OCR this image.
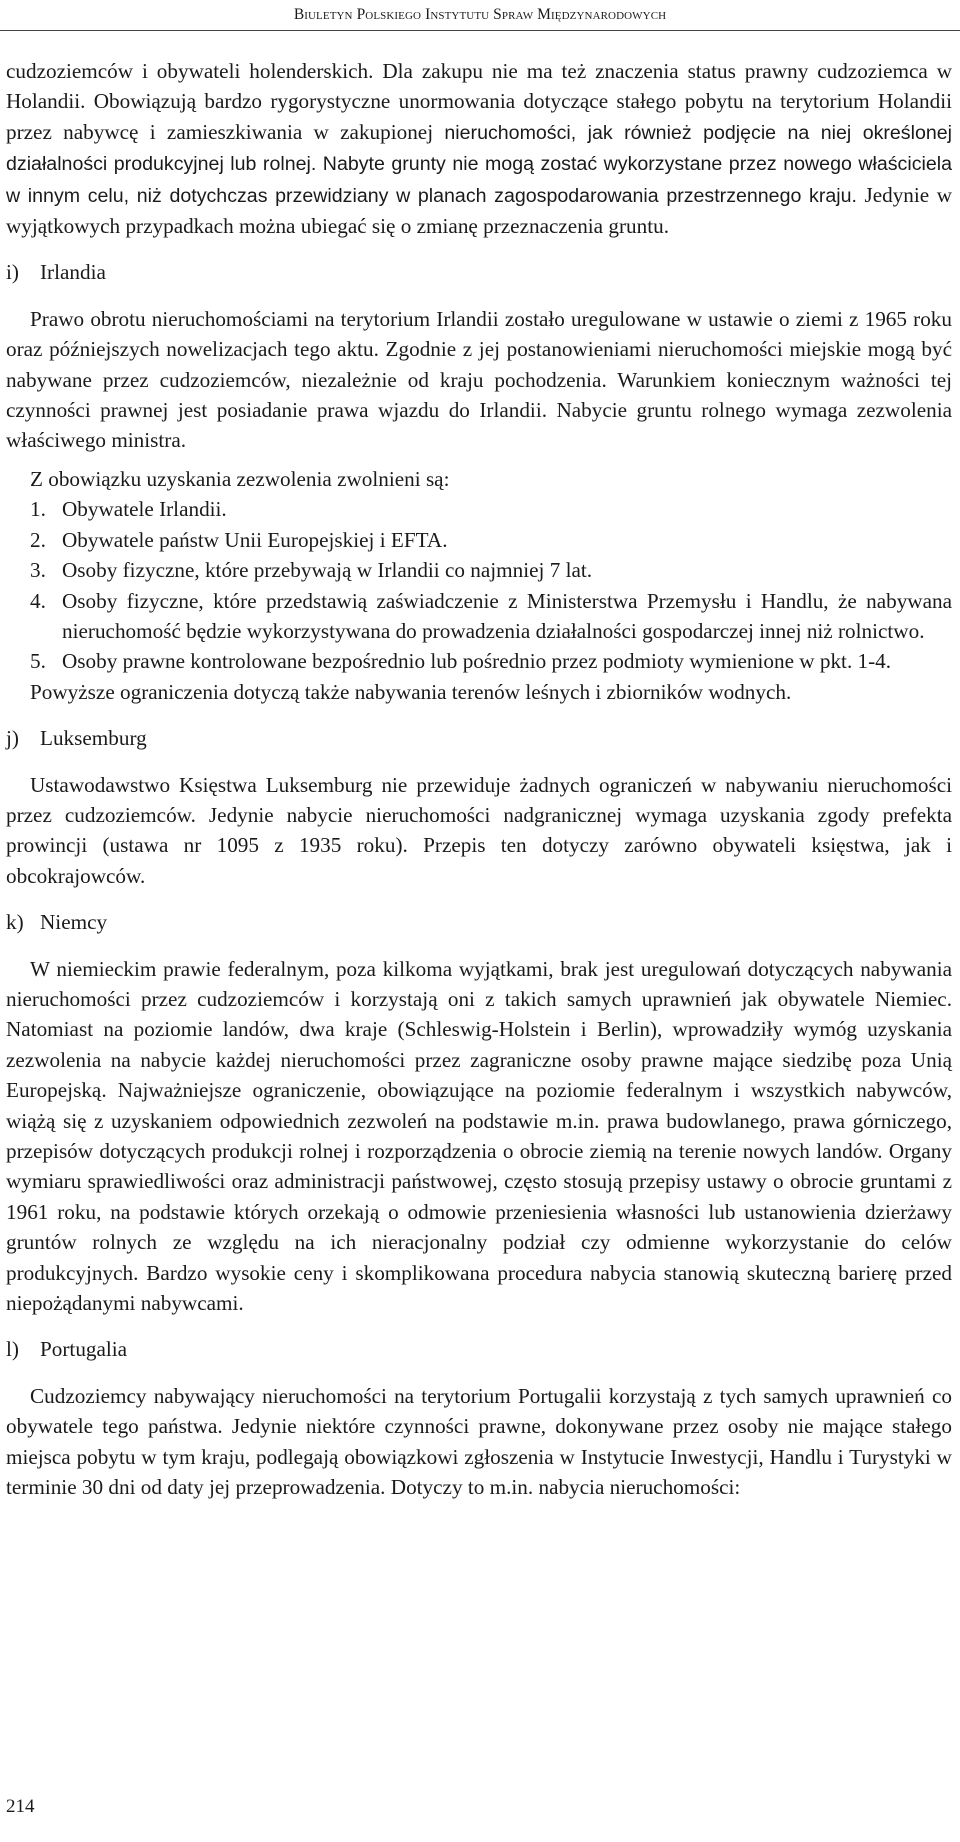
Biuletyn Polskiego Instytutu Spraw Międzynarodowych

cudzoziemców i obywateli holenderskich. Dla zakupu nie ma też znaczenia status prawny cudzoziemca w Holandii. Obowiązują bardzo rygorystyczne unormowania dotyczące stałego pobytu na terytorium Holandii przez nabywcę i zamieszkiwania w zakupionej nieruchomości, jak również podjęcie na niej określonej działalności produkcyjnej lub rolnej. Nabyte grunty nie mogą zostać wykorzystane przez nowego właściciela w innym celu, niż dotychczas przewidziany w planach zagospodarowania przestrzennego kraju. Jedynie w wyjątkowych przypadkach można ubiegać się o zmianę przeznaczenia gruntu.

i) Irlandia

Prawo obrotu nieruchomościami na terytorium Irlandii zostało uregulowane w ustawie o ziemi z 1965 roku oraz późniejszych nowelizacjach tego aktu. Zgodnie z jej postanowieniami nieruchomości miejskie mogą być nabywane przez cudzoziemców, niezależnie od kraju pochodzenia. Warunkiem koniecznym ważności tej czynności prawnej jest posiadanie prawa wjazdu do Irlandii. Nabycie gruntu rolnego wymaga zezwolenia właściwego ministra.

Z obowiązku uzyskania zezwolenia zwolnieni są:

1. Obywatele Irlandii.
2. Obywatele państw Unii Europejskiej i EFTA.
3. Osoby fizyczne, które przebywają w Irlandii co najmniej 7 lat.
4. Osoby fizyczne, które przedstawią zaświadczenie z Ministerstwa Przemysłu i Handlu, że nabywana nieruchomość będzie wykorzystywana do prowadzenia działalności gospodarczej innej niż rolnictwo.
5. Osoby prawne kontrolowane bezpośrednio lub pośrednio przez podmioty wymienione w pkt. 1-4.

Powyższe ograniczenia dotyczą także nabywania terenów leśnych i zbiorników wodnych.

j) Luksemburg

Ustawodawstwo Księstwa Luksemburg nie przewiduje żadnych ograniczeń w nabywaniu nieruchomości przez cudzoziemców. Jedynie nabycie nieruchomości nadgranicznej wymaga uzyskania zgody prefekta prowincji (ustawa nr 1095 z 1935 roku). Przepis ten dotyczy zarówno obywateli księstwa, jak i obcokrajowców.

k) Niemcy

W niemieckim prawie federalnym, poza kilkoma wyjątkami, brak jest uregulowań dotyczących nabywania nieruchomości przez cudzoziemców i korzystają oni z takich samych uprawnień jak obywatele Niemiec. Natomiast na poziomie landów, dwa kraje (Schleswig-Holstein i Berlin), wprowadziły wymóg uzyskania zezwolenia na nabycie każdej nieruchomości przez zagraniczne osoby prawne mające siedzibę poza Unią Europejską. Najważniejsze ograniczenie, obowiązujące na poziomie federalnym i wszystkich nabywców, wiążą się z uzyskaniem odpowiednich zezwoleń na podstawie m.in. prawa budowlanego, prawa górniczego, przepisów dotyczących produkcji rolnej i rozporządzenia o obrocie ziemią na terenie nowych landów. Organy wymiaru sprawiedliwości oraz administracji państwowej, często stosują przepisy ustawy o obrocie gruntami z 1961 roku, na podstawie których orzekają o odmowie przeniesienia własności lub ustanowienia dzierżawy gruntów rolnych ze względu na ich nieracjonalny podział czy odmienne wykorzystanie do celów produkcyjnych. Bardzo wysokie ceny i skomplikowana procedura nabycia stanowią skuteczną barierę przed niepożądanymi nabywcami.

l) Portugalia

Cudzoziemcy nabywający nieruchomości na terytorium Portugalii korzystają z tych samych uprawnień co obywatele tego państwa. Jedynie niektóre czynności prawne, dokonywane przez osoby nie mające stałego miejsca pobytu w tym kraju, podlegają obowiązkowi zgłoszenia w Instytucie Inwestycji, Handlu i Turystyki w terminie 30 dni od daty jej przeprowadzenia. Dotyczy to m.in. nabycia nieruchomości:

214
